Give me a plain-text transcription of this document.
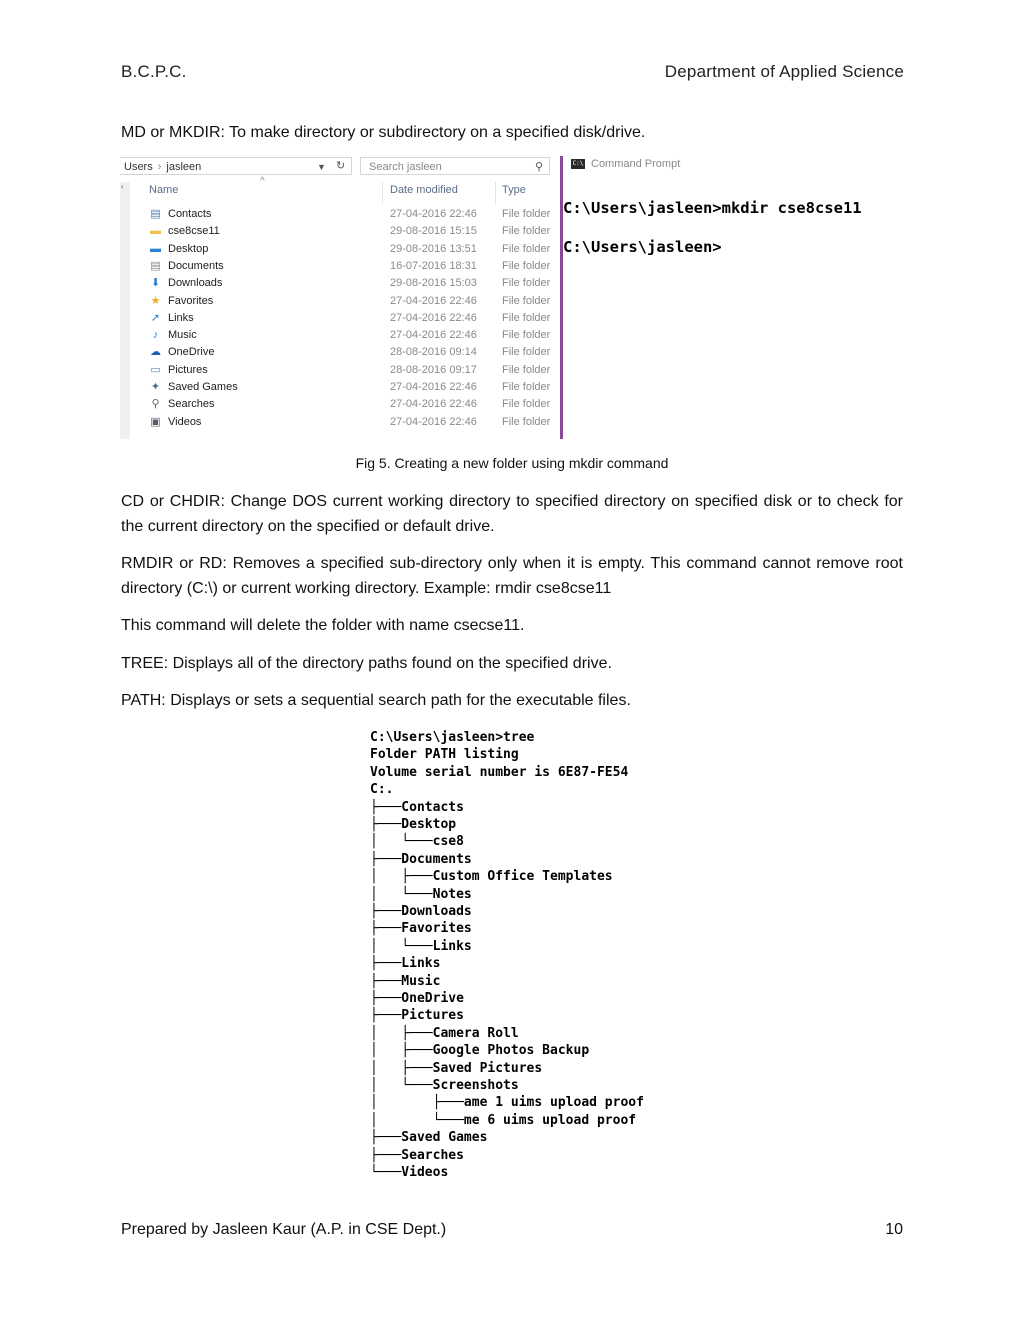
B.C.P.C.	Department of Applied Science
MD or MKDIR: To make directory or subdirectory on a specified disk/drive.
Users › jasleen	▼ ↻	Search jasleen	⚲
‹	^
Name	Date modified	Type
▤ Contacts	27-04-2016 22:46 File folder
▬ cse8cse11	29-08-2016 15:15 File folder
▬ Desktop	29-08-2016 13:51 File folder
▤ Documents	16-07-2016 18:31 File folder
⬇ Downloads	29-08-2016 15:03 File folder
★ Favorites	27-04-2016 22:46 File folder
➚ Links	27-04-2016 22:46 File folder
♪ Music	27-04-2016 22:46 File folder
☁ OneDrive	28-08-2016 09:14 File folder
▭ Pictures	28-08-2016 09:17 File folder
✦ Saved Games	27-04-2016 22:46 File folder
⚲ Searches	27-04-2016 22:46 File folder
▣ Videos	27-04-2016 22:46 File folder
C:\ Command Prompt
C:\Users\jasleen>mkdir cse8cse11
C:\Users\jasleen>
Fig 5. Creating a new folder using mkdir command
CD or CHDIR: Change DOS current working directory to specified directory on specified disk or to check for the current directory on the specified or default drive.
RMDIR or RD: Removes a specified sub-directory only when it is empty. This command cannot remove root directory (C:\) or current working directory. Example: rmdir cse8cse11
This command will delete the folder with name csecse11.
TREE: Displays all of the directory paths found on the specified drive.
PATH: Displays or sets a sequential search path for the executable files.
C:\Users\jasleen>tree
Folder PATH listing
Volume serial number is 6E87-FE54
C:.
├───Contacts
├───Desktop
│   └───cse8
├───Documents
│   ├───Custom Office Templates
│   └───Notes
├───Downloads
├───Favorites
│   └───Links
├───Links
├───Music
├───OneDrive
├───Pictures
│   ├───Camera Roll
│   ├───Google Photos Backup
│   ├───Saved Pictures
│   └───Screenshots
│       ├───ame 1 uims upload proof
│       └───me 6 uims upload proof
├───Saved Games
├───Searches
└───Videos
Prepared by Jasleen Kaur (A.P. in CSE Dept.)	10
